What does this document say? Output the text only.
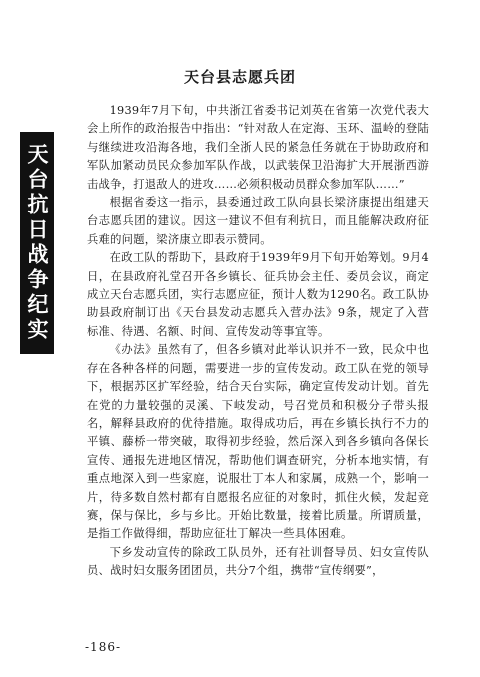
天台县志愿兵团
天台抗日战争纪实

1939年7月下旬，中共浙江省委书记刘英在省第一次党代表大会上所作的政治报告中指出：“针对敌人在定海、玉环、温岭的登陆与继续进攻沿海各地，我们全浙人民的紧急任务就在于协助政府和军队加紧动员民众参加军队作战，以武装保卫沿海扩大开展浙西游击战争，打退敌人的进攻……必须积极动员群众参加军队……”

根据省委这一指示，县委通过政工队向县长梁济康提出组建天台志愿兵团的建议。因这一建议不但有利抗日，而且能解决政府征兵难的问题，梁济康立即表示赞同。

在政工队的帮助下，县政府于1939年9月下旬开始筹划。9月4日，在县政府礼堂召开各乡镇长、征兵协会主任、委员会议，商定成立天台志愿兵团，实行志愿应征，预计人数为1290名。政工队协助县政府制订出《天台县发动志愿兵入营办法》9条，规定了入营标准、待遇、名额、时间、宣传发动等事宜等。

《办法》虽然有了，但各乡镇对此举认识并不一致，民众中也存在各种各样的问题，需要进一步的宣传发动。政工队在党的领导下，根据苏区扩军经验，结合天台实际，确定宣传发动计划。首先在党的力量较强的灵溪、下岐发动，号召党员和积极分子带头报名，解释县政府的优待措施。取得成功后，再在乡镇长执行不力的平镇、藤桥一带突破，取得初步经验，然后深入到各乡镇向各保长宣传、通报先进地区情况，帮助他们调查研究，分析本地实情，有重点地深入到一些家庭，说服壮丁本人和家属，成熟一个，影响一片，待多数自然村都有自愿报名应征的对象时，抓住火候，发起竞赛，保与保比，乡与乡比。开始比数量，接着比质量。所谓质量，是指工作做得细，帮助应征壮丁解决一些具体困难。

下乡发动宣传的除政工队员外，还有社训督导员、妇女宣传队员、战时妇女服务团团员，共分7个组，携带“宣传纲要”，

-186-
